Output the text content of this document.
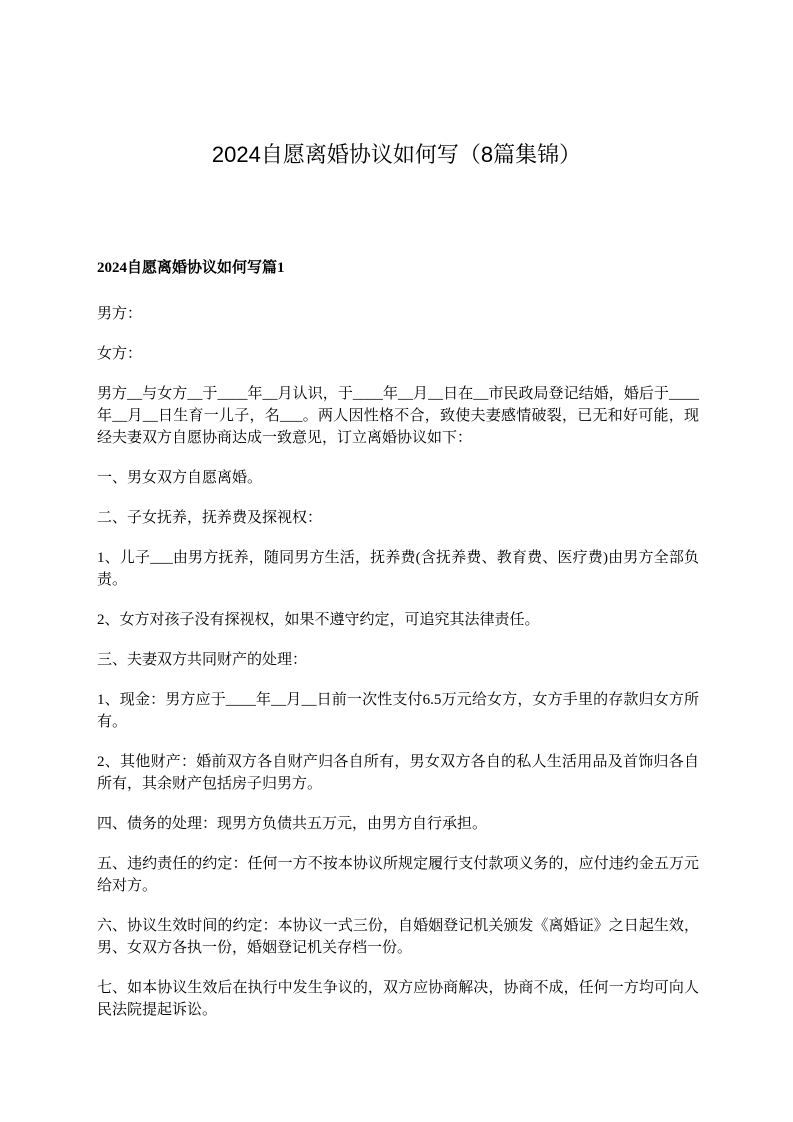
2024自愿离婚协议如何写（8篇集锦）
2024自愿离婚协议如何写篇1
男方：
女方：
男方__与女方__于____年__月认识，于____年__月__日在__市民政局登记结婚，婚后于____年__月__日生育一儿子，名___。两人因性格不合，致使夫妻感情破裂，已无和好可能，现经夫妻双方自愿协商达成一致意见，订立离婚协议如下：
一、男女双方自愿离婚。
二、子女抚养，抚养费及探视权：
1、儿子___由男方抚养，随同男方生活，抚养费(含抚养费、教育费、医疗费)由男方全部负责。
2、女方对孩子没有探视权，如果不遵守约定，可追究其法律责任。
三、夫妻双方共同财产的处理：
1、现金：男方应于____年__月__日前一次性支付6.5万元给女方，女方手里的存款归女方所有。
2、其他财产：婚前双方各自财产归各自所有，男女双方各自的私人生活用品及首饰归各自所有，其余财产包括房子归男方。
四、债务的处理：现男方负债共五万元，由男方自行承担。
五、违约责任的约定：任何一方不按本协议所规定履行支付款项义务的，应付违约金五万元给对方。
六、协议生效时间的约定：本协议一式三份，自婚姻登记机关颁发《离婚证》之日起生效，男、女双方各执一份，婚姻登记机关存档一份。
七、如本协议生效后在执行中发生争议的，双方应协商解决，协商不成，任何一方均可向人民法院提起诉讼。
